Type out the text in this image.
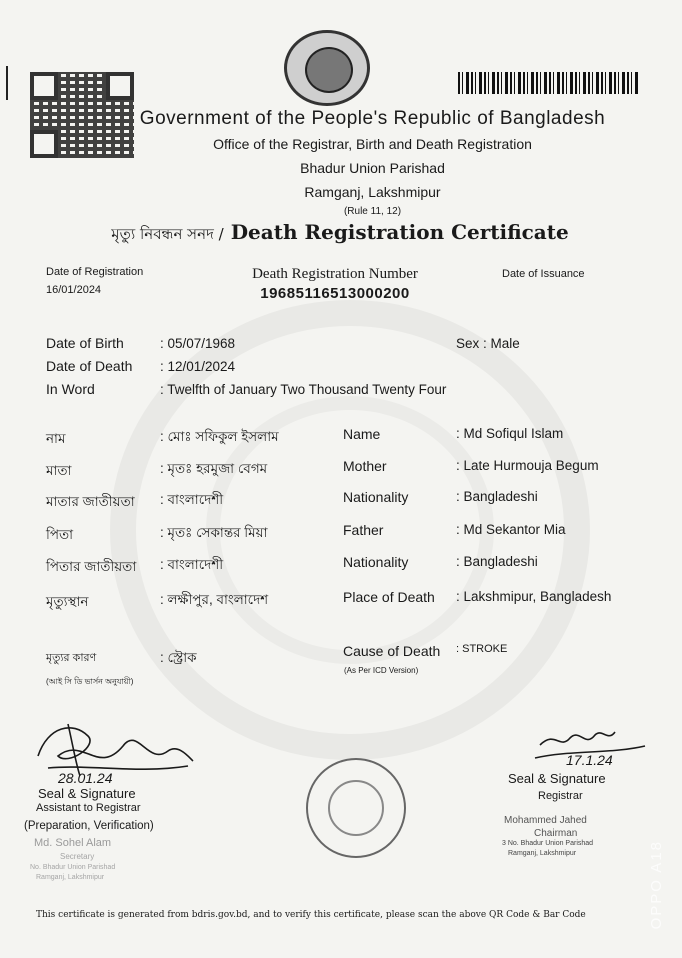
Government of the People's Republic of Bangladesh
Office of the Registrar, Birth and Death Registration
Bhadur Union Parishad
Ramganj, Lakshmipur
(Rule 11, 12)
মৃত্যু নিবন্ধন সনদ / Death Registration Certificate
Date of Registration
16/01/2024
Death Registration Number
19685116513000200
Date of Issuance
Date of Birth	: 05/07/1968	Sex : Male
Date of Death : 12/01/2024
In Word	: Twelfth of January Two Thousand Twenty Four
নাম	: মোঃ সফিকুল ইসলাম	Name	: Md Sofiqul Islam
মাতা	: মৃতঃ হরমুজা বেগম	Mother	: Late Hurmouja Begum
মাতার জাতীয়তা	: বাংলাদেশী	Nationality	: Bangladeshi
পিতা	: মৃতঃ সেকান্তর মিয়া	Father	: Md Sekantor Mia
পিতার জাতীয়তা	: বাংলাদেশী	Nationality	: Bangladeshi
মৃত্যুস্থান	: লক্ষীপুর, বাংলাদেশ	Place of Death	: Lakshmipur, Bangladesh
মৃত্যুর কারণ	: স্ট্রোক	Cause of Death	: STROKE
(আই সি ডি ভার্সন অনুযায়ী)
(As Per ICD Version)
28.01.24
Seal & Signature
Assistant to Registrar
(Preparation, Verification)
Md. Sohel Alam
Secretary
No. Bhadur Union Parishad
Ramganj, Lakshmipur
17.1.24
Seal & Signature
Registrar
Mohammed Jahed
Chairman
3 No. Bhadur Union Parishad
Ramganj, Lakshmipur
This certificate is generated from bdris.gov.bd, and to verify this certificate, please scan the above QR Code & Bar Code	OPPO A18
